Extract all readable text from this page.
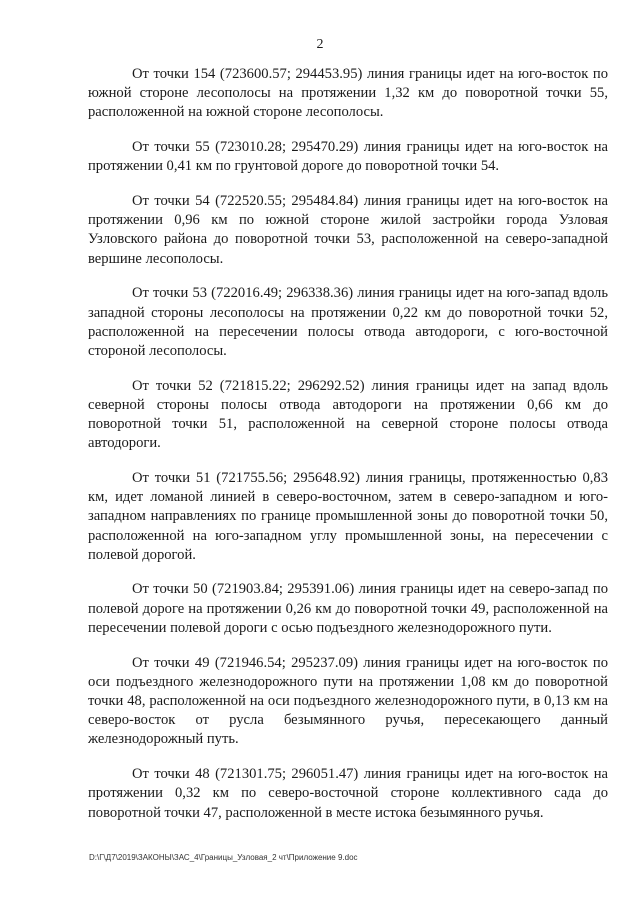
2

От точки 154 (723600.57; 294453.95) линия границы идет на юго-восток по южной стороне лесополосы на протяжении 1,32 км до поворотной точки 55, расположенной на южной стороне лесополосы.

От точки 55 (723010.28; 295470.29) линия границы идет на юго-восток на протяжении 0,41 км по грунтовой дороге до поворотной точки 54.

От точки 54 (722520.55; 295484.84) линия границы идет на юго-восток на протяжении 0,96 км по южной стороне жилой застройки города Узловая Узловского района до поворотной точки 53, расположенной на северо-западной вершине лесополосы.

От точки 53 (722016.49; 296338.36) линия границы идет на юго-запад вдоль западной стороны лесополосы на протяжении 0,22 км до поворотной точки 52, расположенной на пересечении полосы отвода автодороги, с юго-восточной стороной лесополосы.

От точки 52 (721815.22; 296292.52) линия границы идет на запад вдоль северной стороны полосы отвода автодороги на протяжении 0,66 км до поворотной точки 51, расположенной на северной стороне полосы отвода автодороги.

От точки 51 (721755.56; 295648.92) линия границы, протяженностью 0,83 км, идет ломаной линией в северо-восточном, затем в северо-западном и юго-западном направлениях по границе промышленной зоны до поворотной точки 50, расположенной на юго-западном углу промышленной зоны, на пересечении с полевой дорогой.

От точки 50 (721903.84; 295391.06) линия границы идет на северо-запад по полевой дороге на протяжении 0,26 км до поворотной точки 49, расположенной на пересечении полевой дороги с осью подъездного железнодорожного пути.

От точки 49 (721946.54; 295237.09) линия границы идет на юго-восток по оси подъездного железнодорожного пути на протяжении 1,08 км до поворотной точки 48, расположенной на оси подъездного железнодорожного пути, в 0,13 км на северо-восток от русла безымянного ручья, пересекающего данный железнодорожный путь.

От точки 48 (721301.75; 296051.47) линия границы идет на юго-восток на протяжении 0,32 км по северо-восточной стороне коллективного сада до поворотной точки 47, расположенной в месте истока безымянного ручья.

D:\Г\Д7\2019\ЗАКОНЫ\ЗАС_4\Границы_Узловая_2 чт\Приложение 9.doc
